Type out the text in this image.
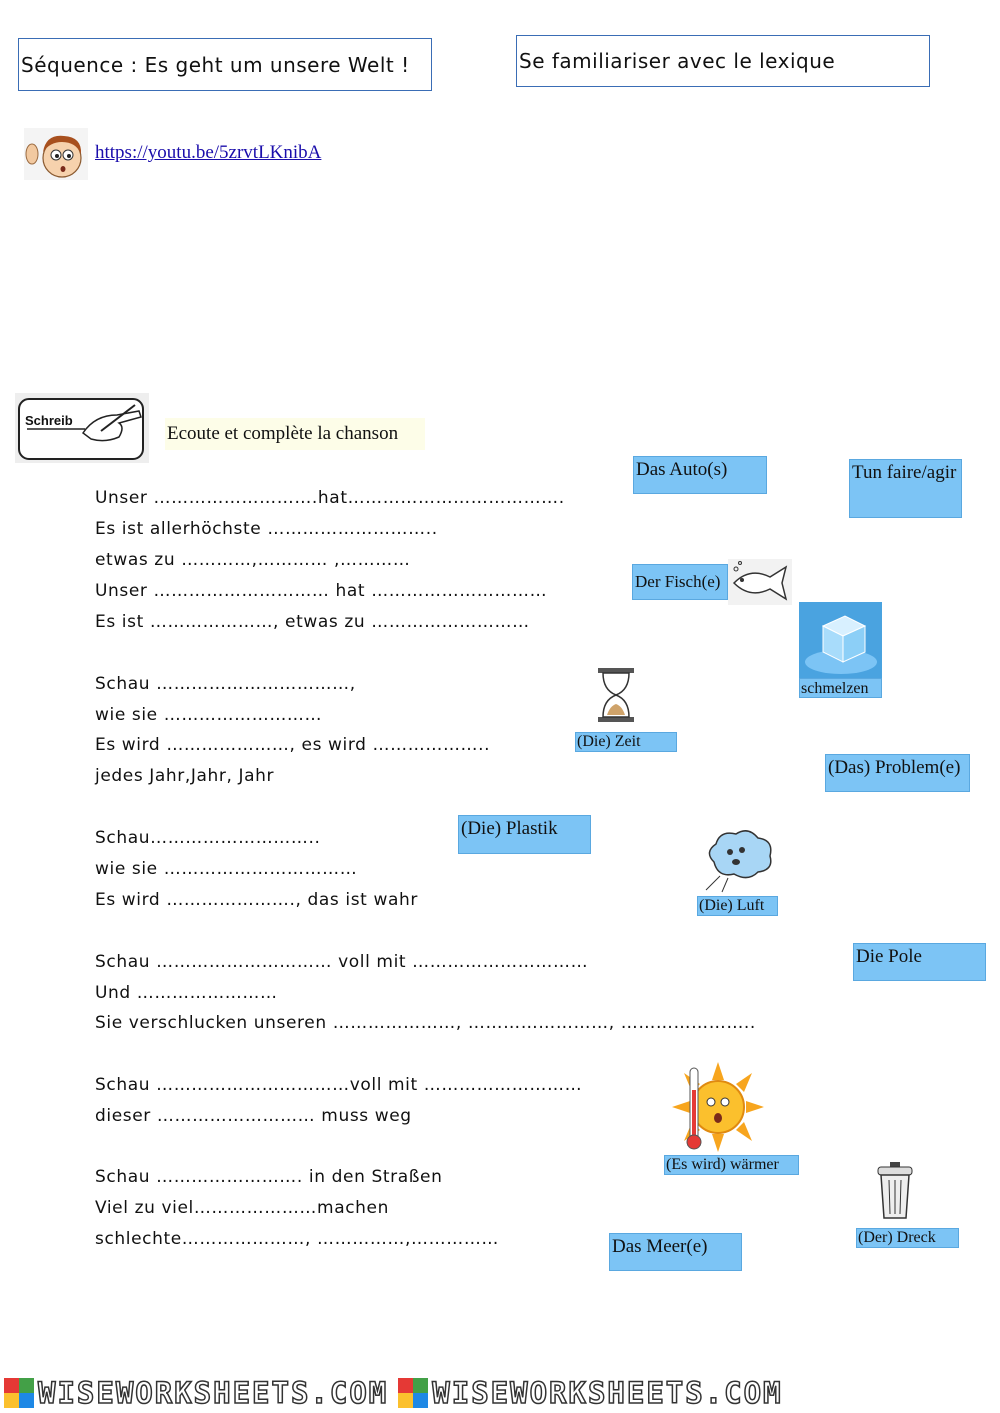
Séquence : Es geht um unsere Welt !	Se familiariser avec le lexique
https://youtu.be/5zrvtLKnibA
Schreib
Ecoute et complète la chanson
Unser ……………………….hat……………………………….
Es ist allerhöchste ………………………..
etwas zu …………,………… ,…………
Unser ………………………… hat …………………………
Es ist …………………, etwas zu ………………………
Schau ……………………………,
wie sie ………………………
Es wird …………………, es wird ………………..
jedes Jahr,Jahr, Jahr
Schau………………………..
wie sie ……………………………
Es wird …………………., das ist wahr
Schau ………………………… voll mit …………………………
Und ……………………
Sie verschlucken unseren …………………, ……………………, …………………..
Schau ……………………………voll mit ………………………
dieser ……………………… muss weg
Schau ……………………. in den Straßen
Viel zu viel…………………machen
schlechte…………………, ……………,……………
Das Auto(s)	Tun faire/agir
Der Fisch(e)
schmelzen
(Die) Zeit
(Das) Problem(e)
(Die) Plastik
(Die) Luft
Die Pole
(Es wird) wärmer
(Der) Dreck
Das Meer(e)
WISEWORKSHEETS.COM WISEWORKSHEETS.COM
